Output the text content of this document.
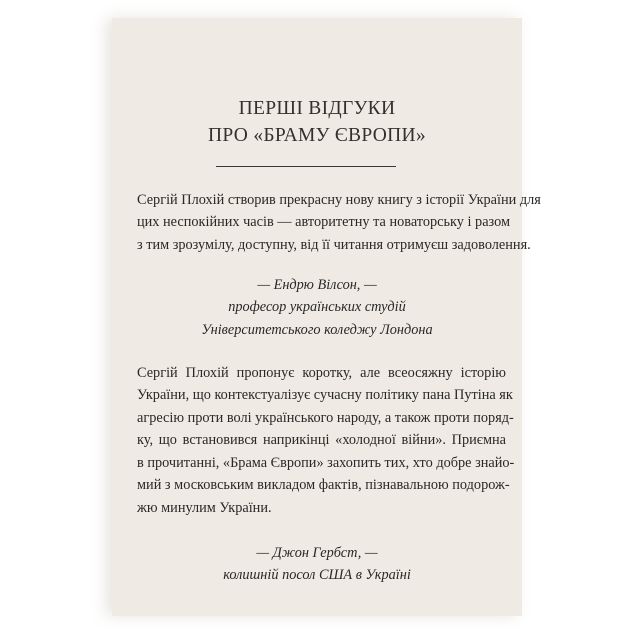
ПЕРШІ ВІДГУКИ
ПРО «БРАМУ ЄВРОПИ»
Сергій Плохій створив прекрасну нову книгу з історії України для
цих неспокійних часів — авторитетну та новаторську і разом
з тим зрозумілу, доступну, від її читання отримуєш задоволення.
— Ендрю Вілсон, —
професор українських студій
Університетського коледжу Лондона
Сергій Плохій пропонує коротку, але всеосяжну історію
України, що контекстуалізує сучасну політику пана Путіна як
агресію проти волі українського народу, а також проти поряд-
ку, що встановився наприкінці «холодної війни». Приємна
в прочитанні, «Брама Європи» захопить тих, хто добре знайо-
мий з московським викладом фактів, пізнавальною подорож-
жю минулим України.
— Джон Гербст, —
колишній посол США в Україні
